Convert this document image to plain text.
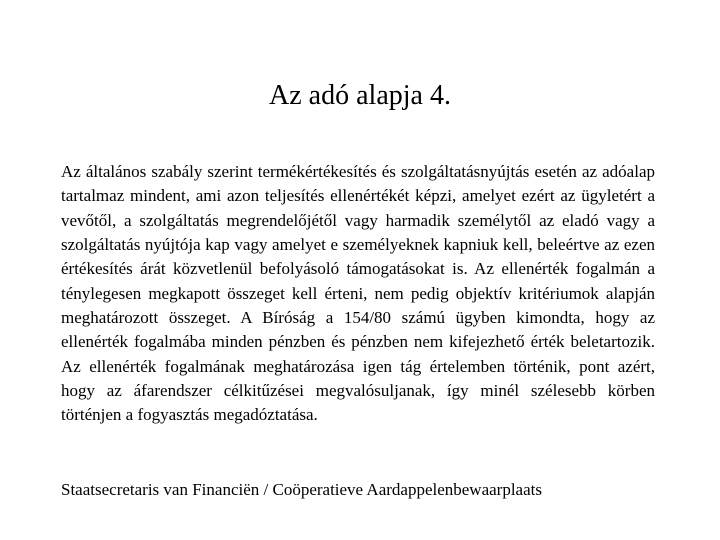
Az adó alapja 4.

Az általános szabály szerint termékértékesítés és szolgáltatásnyújtás esetén az adóalap tartalmaz mindent, ami azon teljesítés ellenértékét képzi, amelyet ezért az ügyletért a vevőtől, a szolgáltatás megrendelőjétől vagy harmadik személytől az eladó vagy a szolgáltatás nyújtója kap vagy amelyet e személyeknek kapniuk kell, beleértve az ezen értékesítés árát közvetlenül befolyásoló támogatásokat is. Az ellenérték fogalmán a ténylegesen megkapott összeget kell érteni, nem pedig objektív kritériumok alapján meghatározott összeget. A Bíróság a 154/80 számú ügyben kimondta, hogy az ellenérték fogalmába minden pénzben és pénzben nem kifejezhető érték beletartozik. Az ellenérték fogalmának meghatározása igen tág értelemben történik, pont azért, hogy az áfarendszer célkitűzései megvalósuljanak, így minél szélesebb körben történjen a fogyasztás megadóztatása.

Staatsecretaris van Financiën / Coöperatieve Aardappelenbewaarplaats
